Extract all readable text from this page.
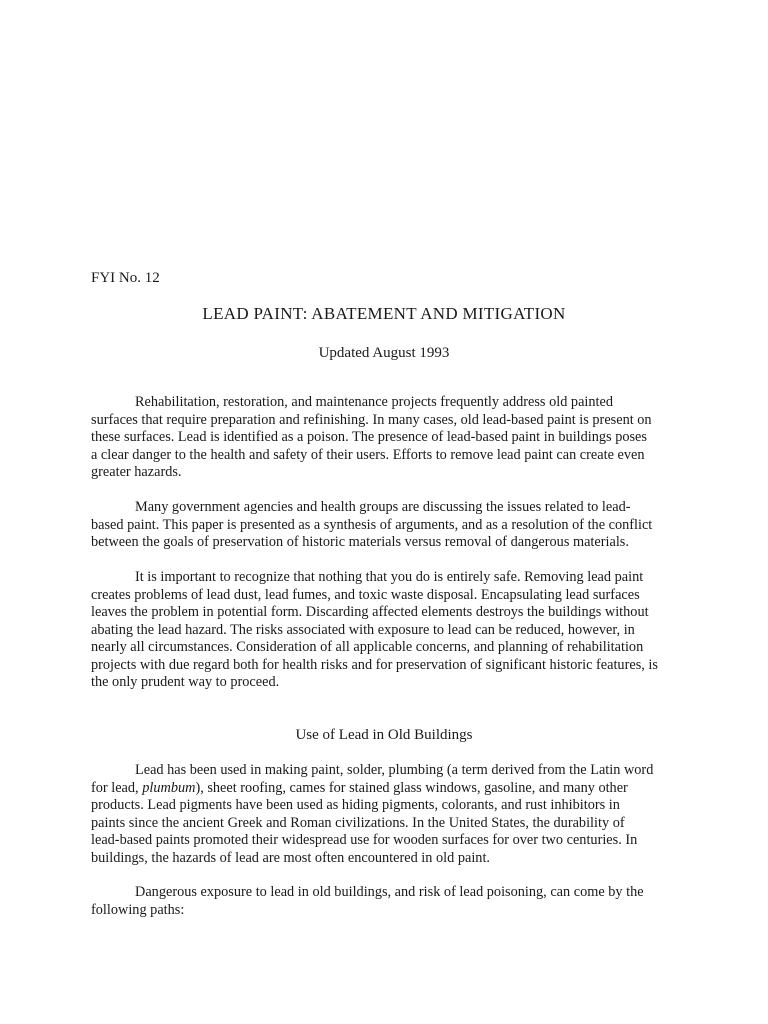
FYI No. 12
LEAD PAINT: ABATEMENT AND MITIGATION
Updated August 1993
Rehabilitation, restoration, and maintenance projects frequently address old painted
surfaces that require preparation and refinishing. In many cases, old lead-based paint is present on
these surfaces. Lead is identified as a poison. The presence of lead-based paint in buildings poses
a clear danger to the health and safety of their users. Efforts to remove lead paint can create even
greater hazards.
Many government agencies and health groups are discussing the issues related to lead-
based paint. This paper is presented as a synthesis of arguments, and as a resolution of the conflict
between the goals of preservation of historic materials versus removal of dangerous materials.
It is important to recognize that nothing that you do is entirely safe. Removing lead paint
creates problems of lead dust, lead fumes, and toxic waste disposal. Encapsulating lead surfaces
leaves the problem in potential form. Discarding affected elements destroys the buildings without
abating the lead hazard. The risks associated with exposure to lead can be reduced, however, in
nearly all circumstances. Consideration of all applicable concerns, and planning of rehabilitation
projects with due regard both for health risks and for preservation of significant historic features, is
the only prudent way to proceed.
Use of Lead in Old Buildings
Lead has been used in making paint, solder, plumbing (a term derived from the Latin word
for lead, plumbum), sheet roofing, cames for stained glass windows, gasoline, and many other
products. Lead pigments have been used as hiding pigments, colorants, and rust inhibitors in
paints since the ancient Greek and Roman civilizations. In the United States, the durability of
lead-based paints promoted their widespread use for wooden surfaces for over two centuries. In
buildings, the hazards of lead are most often encountered in old paint.
Dangerous exposure to lead in old buildings, and risk of lead poisoning, can come by the
following paths:
